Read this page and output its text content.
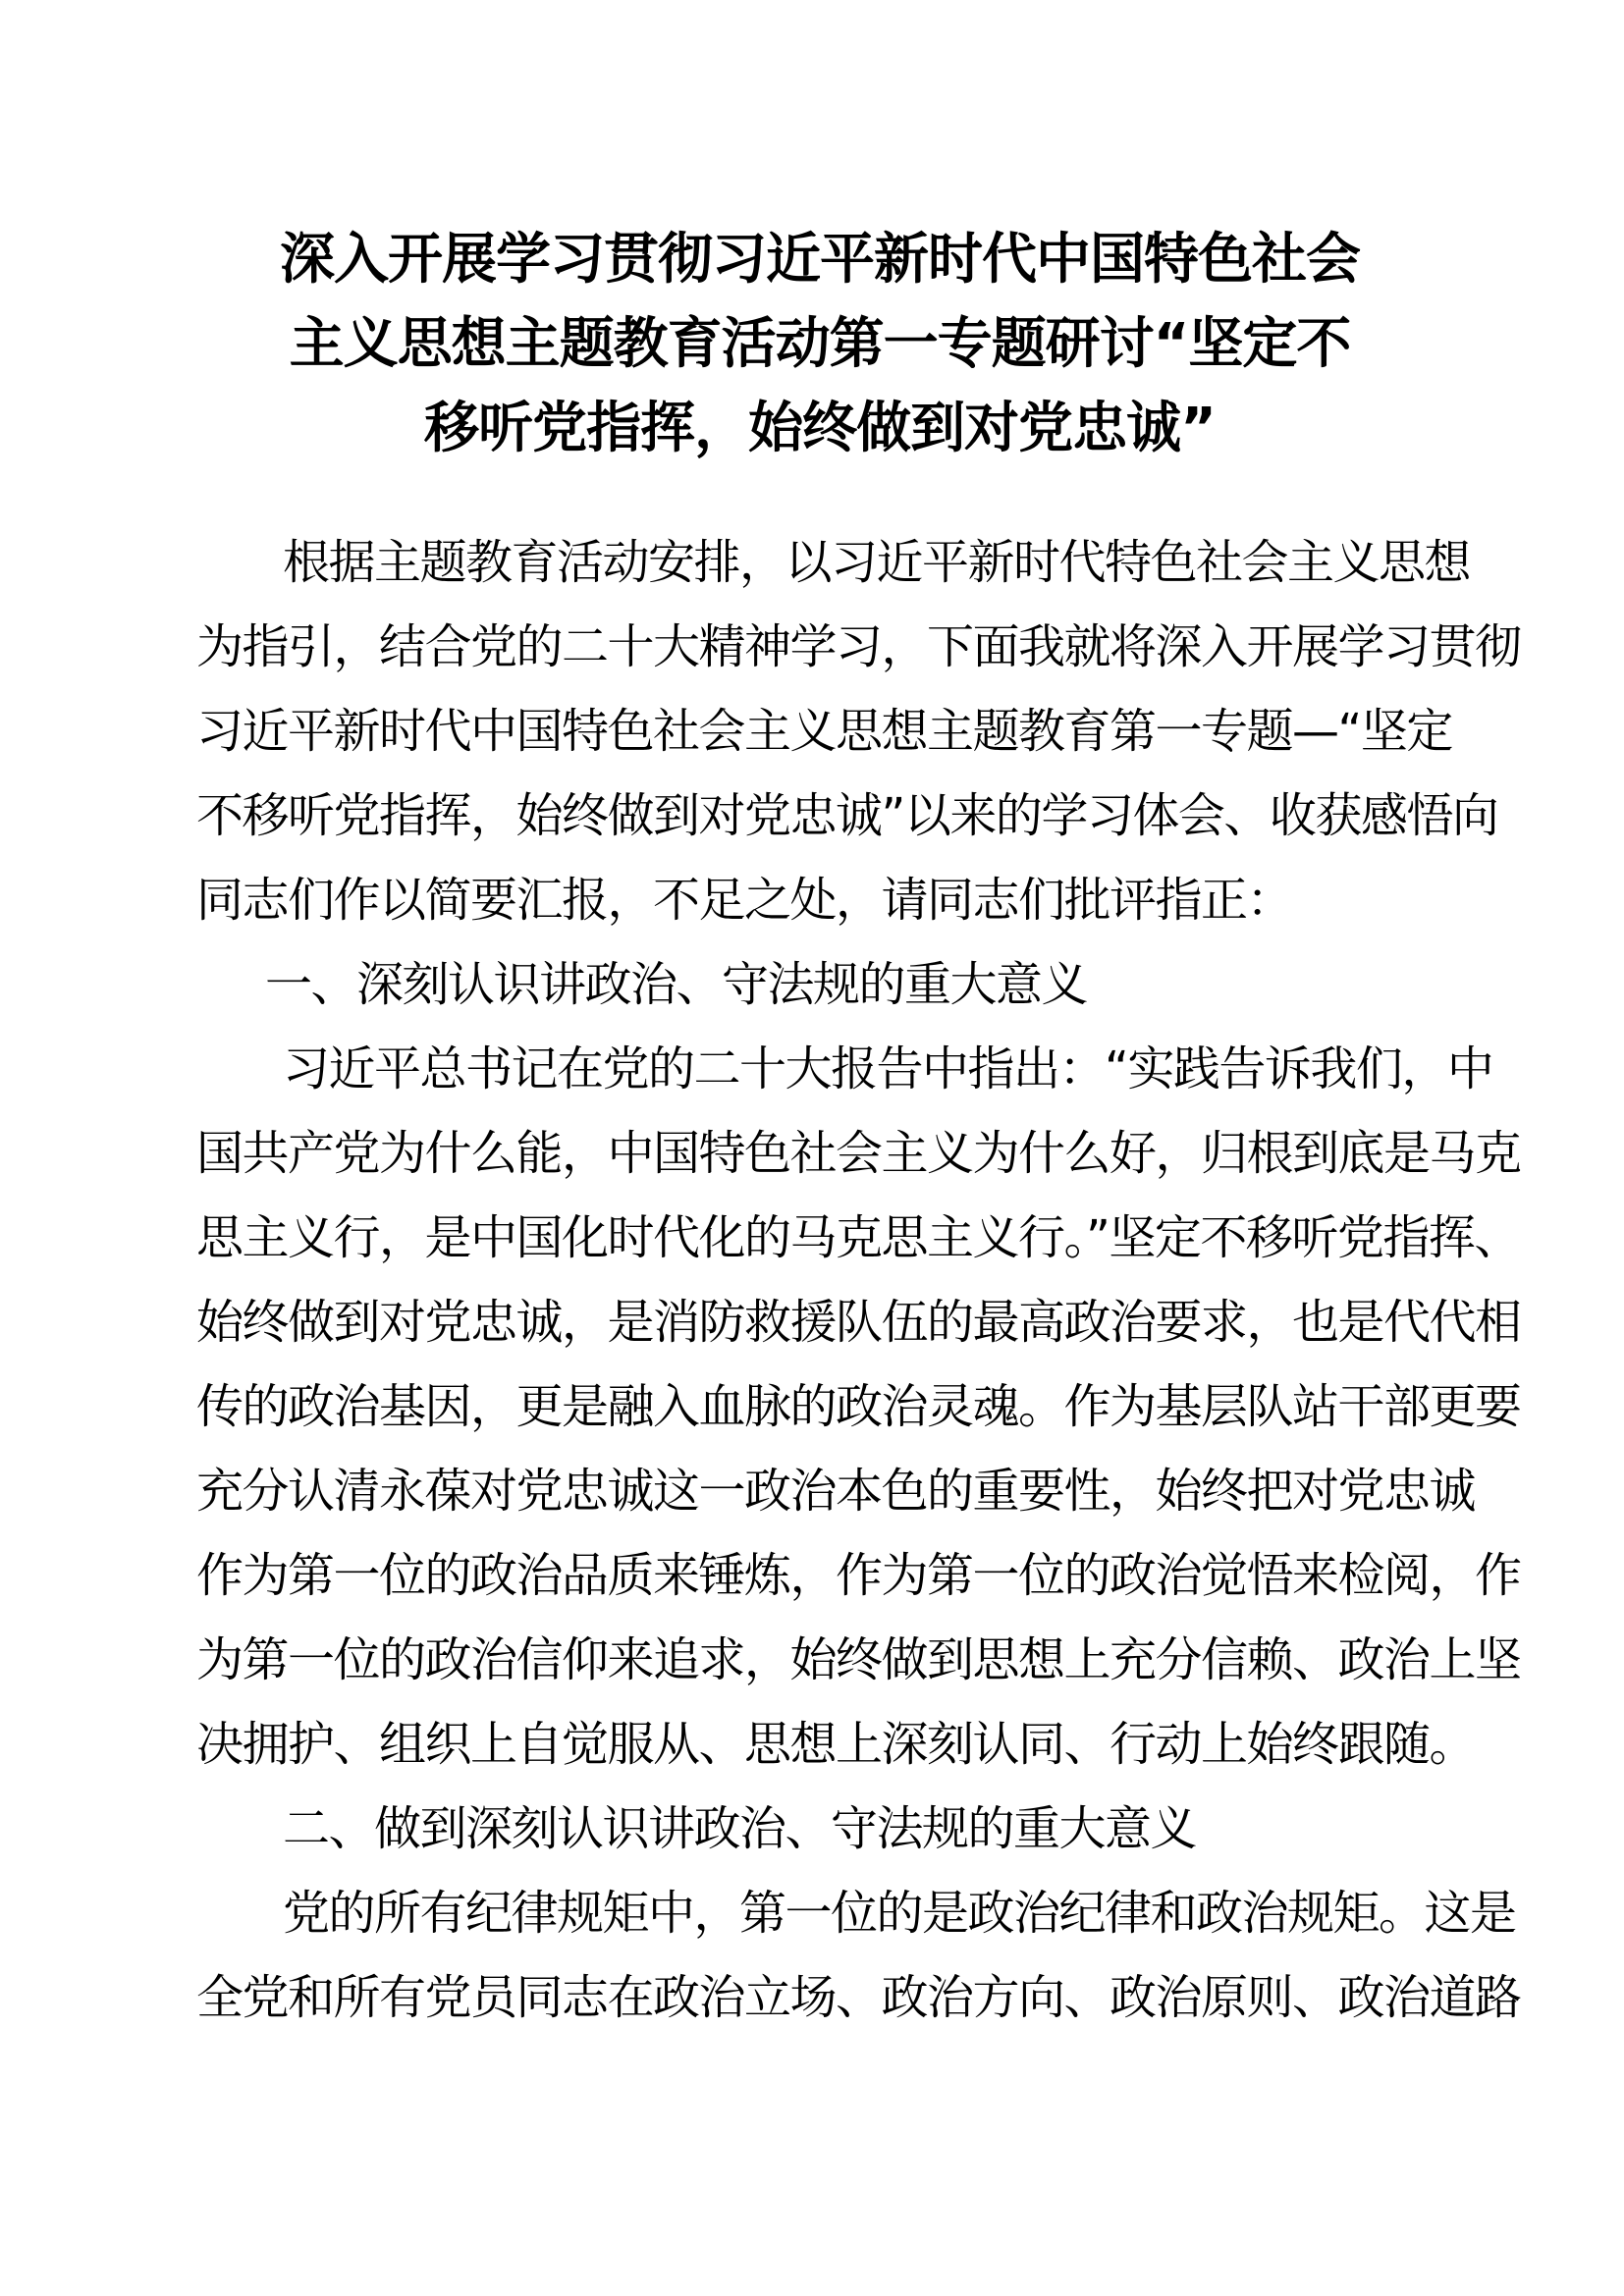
深入开展学习贯彻习近平新时代中国特色社会
主义思想主题教育活动第一专题研讨“坚定不
移听党指挥，始终做到对党忠诚”
根据主题教育活动安排，以习近平新时代特色社会主义思想
为指引，结合党的二十大精神学习，下面我就将深入开展学习贯彻
习近平新时代中国特色社会主义思想主题教育第一专题—“坚定
不移听党指挥，始终做到对党忠诚”以来的学习体会、收获感悟向
同志们作以简要汇报，不足之处，请同志们批评指正：
一、深刻认识讲政治、守法规的重大意义
习近平总书记在党的二十大报告中指出：“实践告诉我们，中
国共产党为什么能，中国特色社会主义为什么好，归根到底是马克
思主义行，是中国化时代化的马克思主义行。”坚定不移听党指挥、
始终做到对党忠诚，是消防救援队伍的最高政治要求，也是代代相
传的政治基因，更是融入血脉的政治灵魂。作为基层队站干部更要
充分认清永葆对党忠诚这一政治本色的重要性，始终把对党忠诚
作为第一位的政治品质来锤炼，作为第一位的政治觉悟来检阅，作
为第一位的政治信仰来追求，始终做到思想上充分信赖、政治上坚
决拥护、组织上自觉服从、思想上深刻认同、行动上始终跟随。
二、做到深刻认识讲政治、守法规的重大意义
党的所有纪律规矩中，第一位的是政治纪律和政治规矩。这是
全党和所有党员同志在政治立场、政治方向、政治原则、政治道路
